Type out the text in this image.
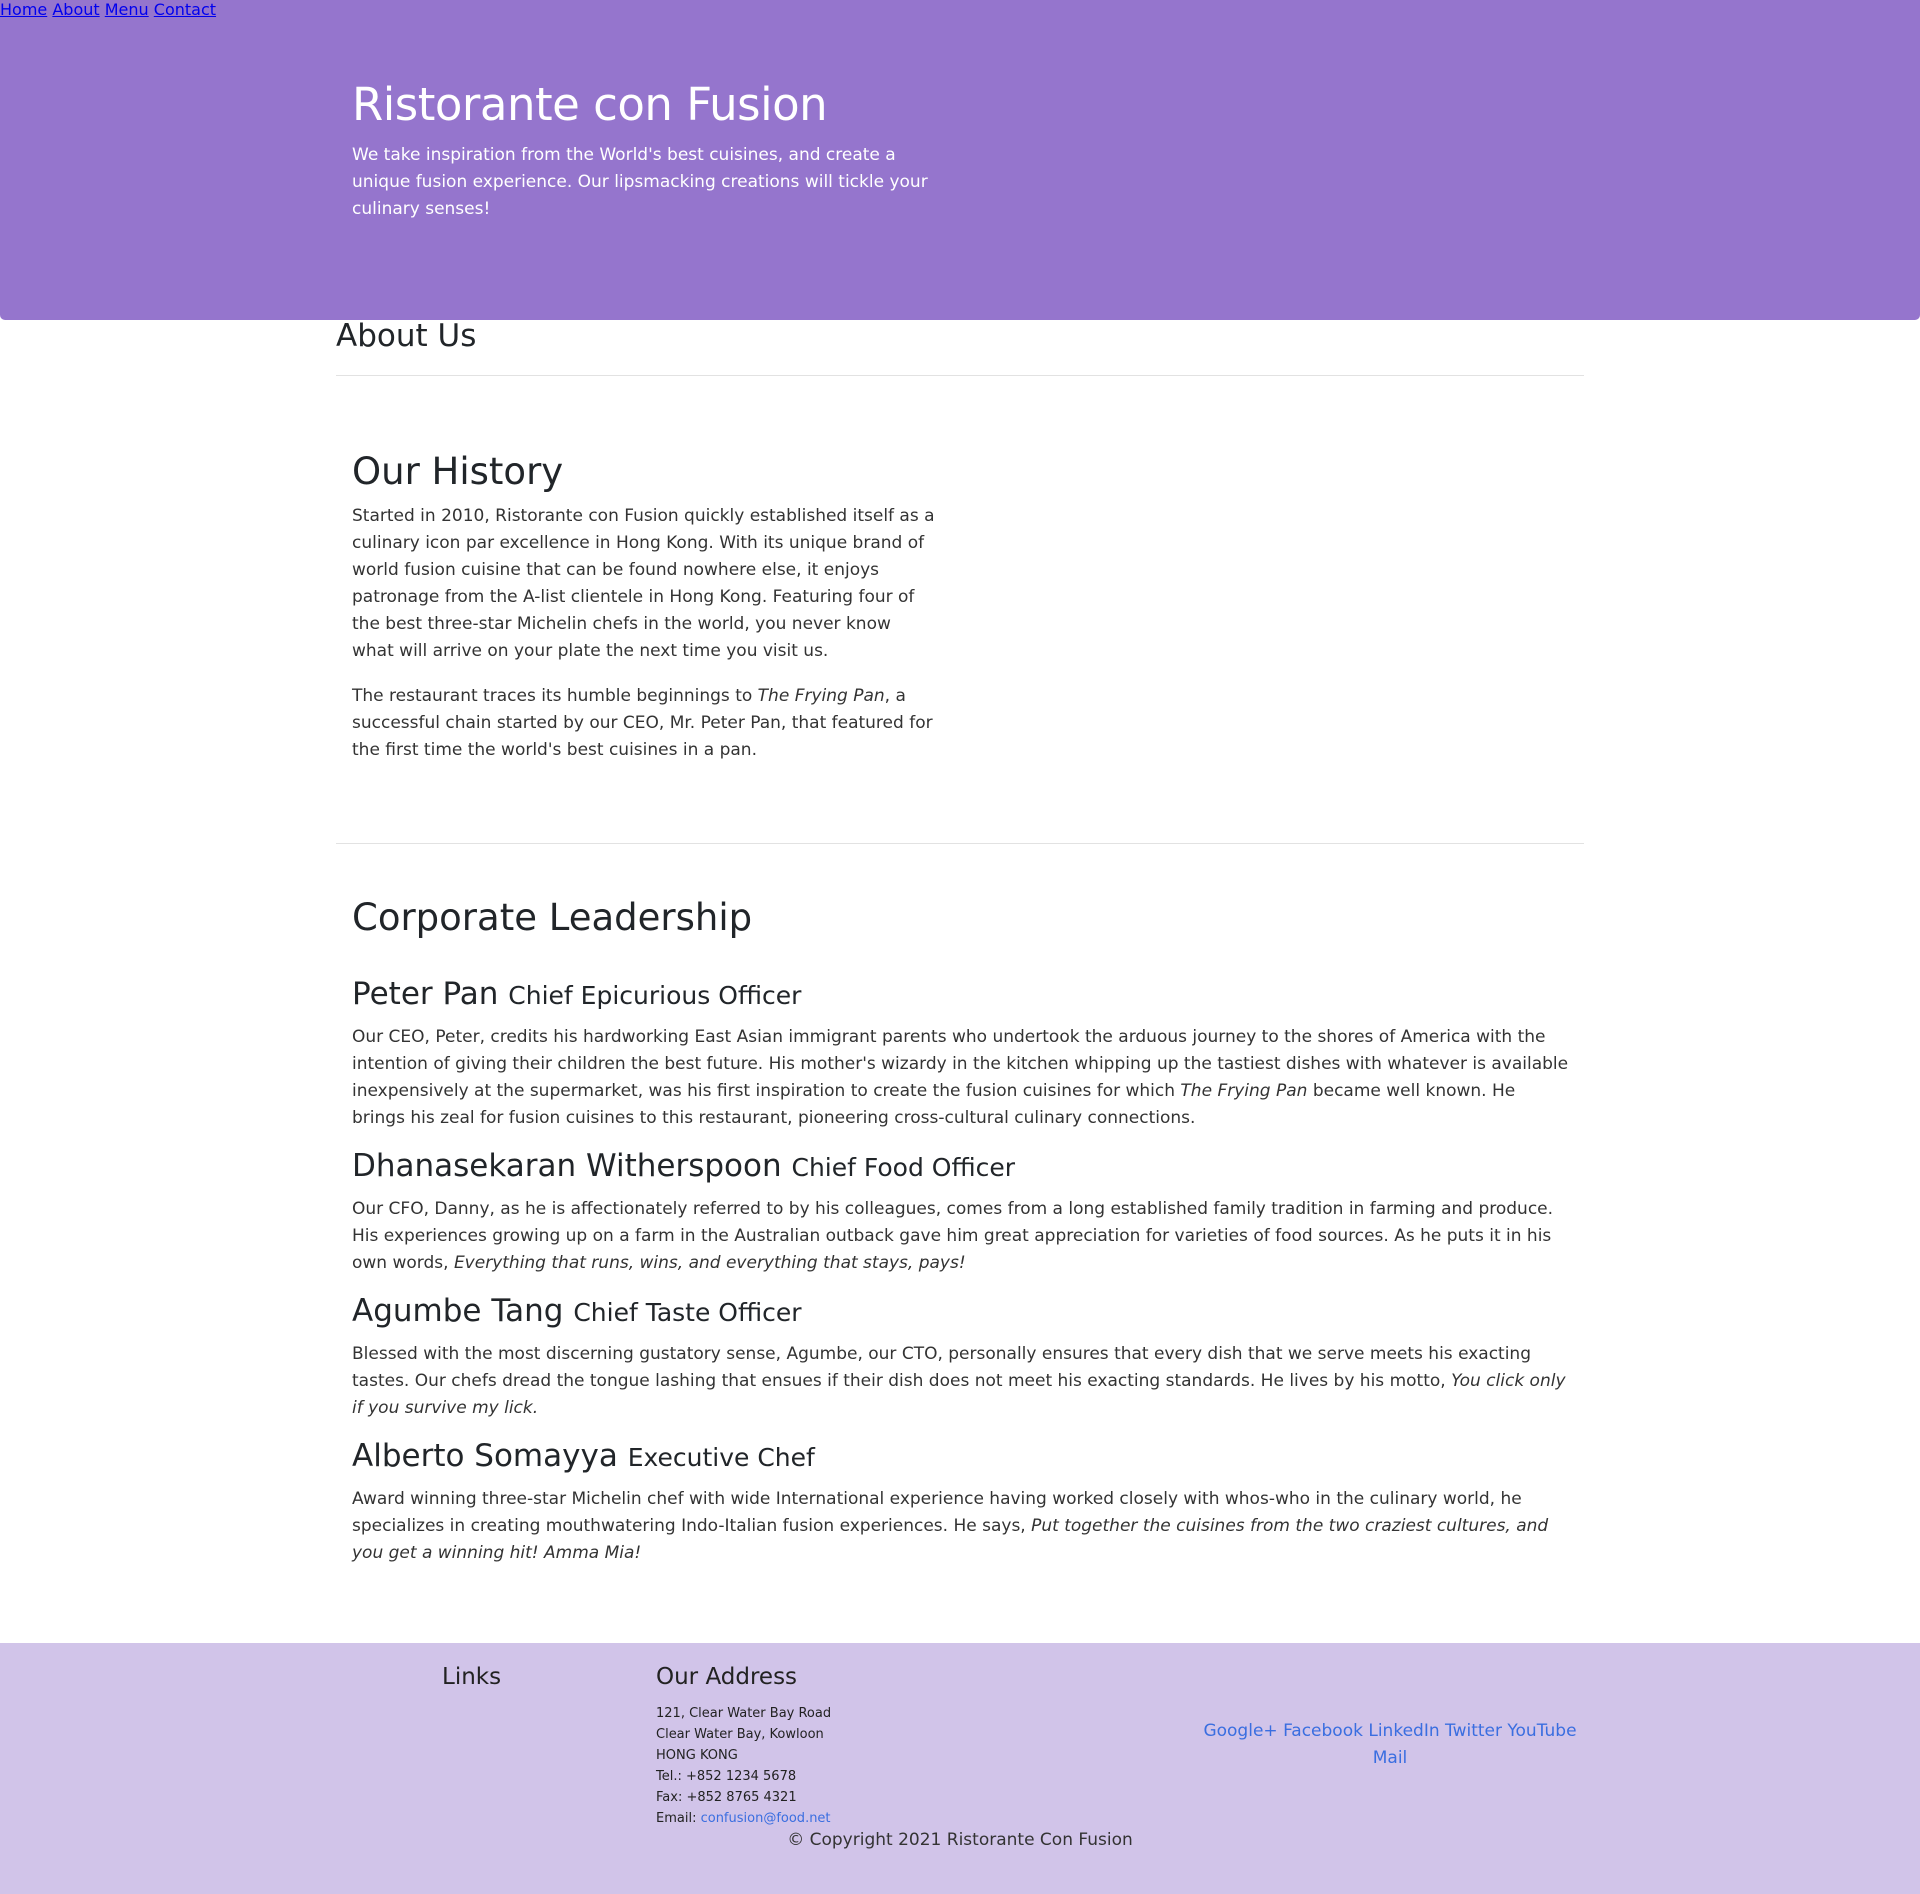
Ristorante con Fusion

We take inspiration from the World's best cuisines, and create a unique fusion experience. Our lipsmacking creations will tickle your culinary senses!

About Us
Our History

Started in 2010, Ristorante con Fusion quickly established itself as a culinary icon par excellence in Hong Kong. With its unique brand of world fusion cuisine that can be found nowhere else, it enjoys patronage from the A-list clientele in Hong Kong. Featuring four of the best three-star Michelin chefs in the world, you never know what will arrive on your plate the next time you visit us.

The restaurant traces its humble beginnings to The Frying Pan, a successful chain started by our CEO, Mr. Peter Pan, that featured for the first time the world's best cuisines in a pan.

Corporate Leadership
Peter Pan Chief Epicurious Officer

Our CEO, Peter, credits his hardworking East Asian immigrant parents who undertook the arduous journey to the shores of America with the intention of giving their children the best future. His mother's wizardy in the kitchen whipping up the tastiest dishes with whatever is available inexpensively at the supermarket, was his first inspiration to create the fusion cuisines for which The Frying Pan became well known. He brings his zeal for fusion cuisines to this restaurant, pioneering cross-cultural culinary connections.

Dhanasekaran Witherspoon Chief Food Officer

Our CFO, Danny, as he is affectionately referred to by his colleagues, comes from a long established family tradition in farming and produce. His experiences growing up on a farm in the Australian outback gave him great appreciation for varieties of food sources. As he puts it in his own words, Everything that runs, wins, and everything that stays, pays!

Agumbe Tang Chief Taste Officer

Blessed with the most discerning gustatory sense, Agumbe, our CTO, personally ensures that every dish that we serve meets his exacting tastes. Our chefs dread the tongue lashing that ensues if their dish does not meet his exacting standards. He lives by his motto, You click only if you survive my lick.

Alberto Somayya Executive Chef

Award winning three-star Michelin chef with wide International experience having worked closely with whos-who in the culinary world, he specializes in creating mouthwatering Indo-Italian fusion experiences. He says, Put together the cuisines from the two craziest cultures, and you get a winning hit! Amma Mia!

Links
Home About Menu Contact
Our Address
121, Clear Water Bay Road
Clear Water Bay, Kowloon
HONG KONG
Tel.: +852 1234 5678
Fax: +852 8765 4321
Email: confusion@food.net
Google+ Facebook LinkedIn Twitter YouTube
Mail
© Copyright 2021 Ristorante Con Fusion
